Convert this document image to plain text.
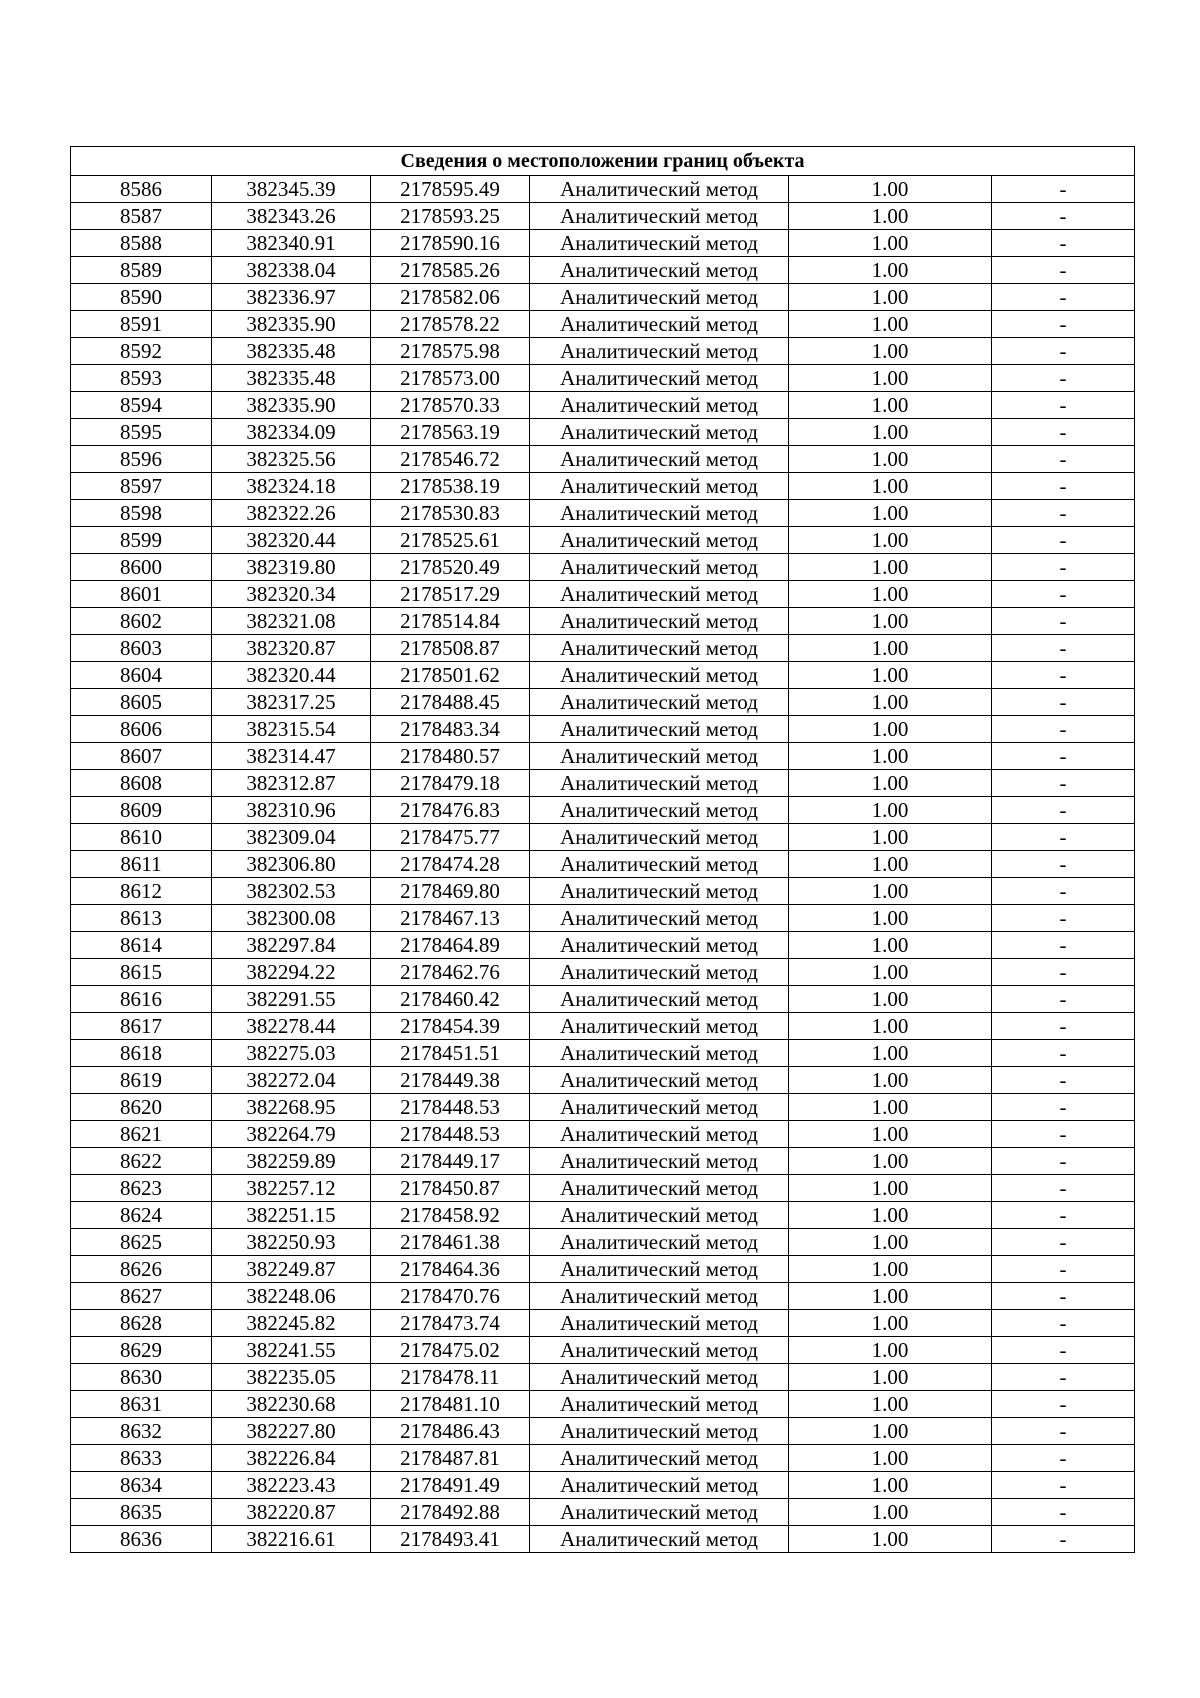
Сведения о местоположении границ объекта					
8586	382345.39	2178595.49	Аналитический метод	1.00	-
8587	382343.26	2178593.25	Аналитический метод	1.00	-
8588	382340.91	2178590.16	Аналитический метод	1.00	-
8589	382338.04	2178585.26	Аналитический метод	1.00	-
8590	382336.97	2178582.06	Аналитический метод	1.00	-
8591	382335.90	2178578.22	Аналитический метод	1.00	-
8592	382335.48	2178575.98	Аналитический метод	1.00	-
8593	382335.48	2178573.00	Аналитический метод	1.00	-
8594	382335.90	2178570.33	Аналитический метод	1.00	-
8595	382334.09	2178563.19	Аналитический метод	1.00	-
8596	382325.56	2178546.72	Аналитический метод	1.00	-
8597	382324.18	2178538.19	Аналитический метод	1.00	-
8598	382322.26	2178530.83	Аналитический метод	1.00	-
8599	382320.44	2178525.61	Аналитический метод	1.00	-
8600	382319.80	2178520.49	Аналитический метод	1.00	-
8601	382320.34	2178517.29	Аналитический метод	1.00	-
8602	382321.08	2178514.84	Аналитический метод	1.00	-
8603	382320.87	2178508.87	Аналитический метод	1.00	-
8604	382320.44	2178501.62	Аналитический метод	1.00	-
8605	382317.25	2178488.45	Аналитический метод	1.00	-
8606	382315.54	2178483.34	Аналитический метод	1.00	-
8607	382314.47	2178480.57	Аналитический метод	1.00	-
8608	382312.87	2178479.18	Аналитический метод	1.00	-
8609	382310.96	2178476.83	Аналитический метод	1.00	-
8610	382309.04	2178475.77	Аналитический метод	1.00	-
8611	382306.80	2178474.28	Аналитический метод	1.00	-
8612	382302.53	2178469.80	Аналитический метод	1.00	-
8613	382300.08	2178467.13	Аналитический метод	1.00	-
8614	382297.84	2178464.89	Аналитический метод	1.00	-
8615	382294.22	2178462.76	Аналитический метод	1.00	-
8616	382291.55	2178460.42	Аналитический метод	1.00	-
8617	382278.44	2178454.39	Аналитический метод	1.00	-
8618	382275.03	2178451.51	Аналитический метод	1.00	-
8619	382272.04	2178449.38	Аналитический метод	1.00	-
8620	382268.95	2178448.53	Аналитический метод	1.00	-
8621	382264.79	2178448.53	Аналитический метод	1.00	-
8622	382259.89	2178449.17	Аналитический метод	1.00	-
8623	382257.12	2178450.87	Аналитический метод	1.00	-
8624	382251.15	2178458.92	Аналитический метод	1.00	-
8625	382250.93	2178461.38	Аналитический метод	1.00	-
8626	382249.87	2178464.36	Аналитический метод	1.00	-
8627	382248.06	2178470.76	Аналитический метод	1.00	-
8628	382245.82	2178473.74	Аналитический метод	1.00	-
8629	382241.55	2178475.02	Аналитический метод	1.00	-
8630	382235.05	2178478.11	Аналитический метод	1.00	-
8631	382230.68	2178481.10	Аналитический метод	1.00	-
8632	382227.80	2178486.43	Аналитический метод	1.00	-
8633	382226.84	2178487.81	Аналитический метод	1.00	-
8634	382223.43	2178491.49	Аналитический метод	1.00	-
8635	382220.87	2178492.88	Аналитический метод	1.00	-
8636	382216.61	2178493.41	Аналитический метод	1.00	-
